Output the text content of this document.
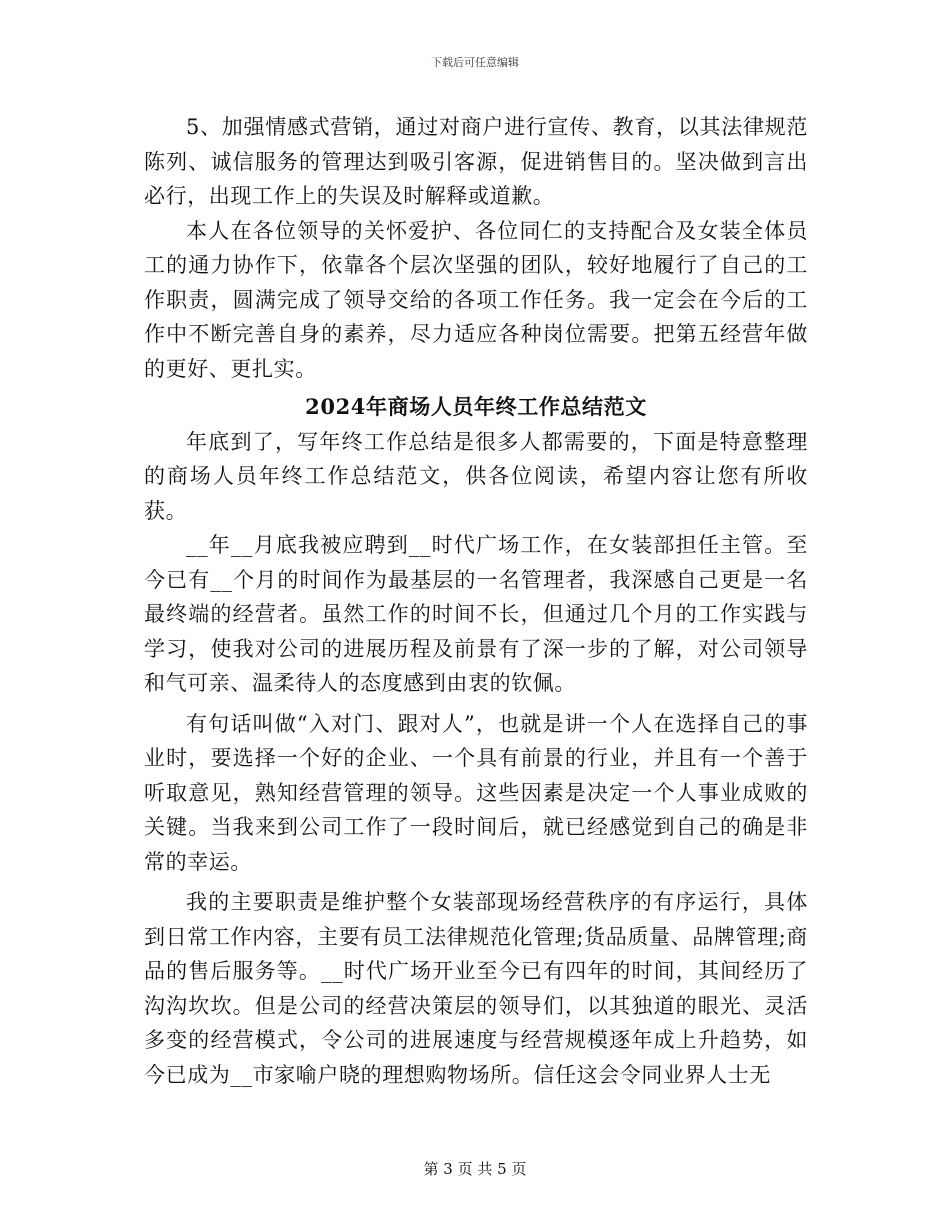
下载后可任意编辑

5、加强情感式营销，通过对商户进行宣传、教育，以其法律规范陈列、诚信服务的管理达到吸引客源，促进销售目的。坚决做到言出必行，出现工作上的失误及时解释或道歉。

本人在各位领导的关怀爱护、各位同仁的支持配合及女装全体员工的通力协作下，依靠各个层次坚强的团队，较好地履行了自己的工作职责，圆满完成了领导交给的各项工作任务。我一定会在今后的工作中不断完善自身的素养，尽力适应各种岗位需要。把第五经营年做的更好、更扎实。

2024年商场人员年终工作总结范文

年底到了，写年终工作总结是很多人都需要的，下面是特意整理的商场人员年终工作总结范文，供各位阅读，希望内容让您有所收获。

__年__月底我被应聘到__时代广场工作，在女装部担任主管。至今已有__个月的时间作为最基层的一名管理者，我深感自己更是一名最终端的经营者。虽然工作的时间不长，但通过几个月的工作实践与学习，使我对公司的进展历程及前景有了深一步的了解，对公司领导和气可亲、温柔待人的态度感到由衷的钦佩。

有句话叫做“入对门、跟对人”，也就是讲一个人在选择自己的事业时，要选择一个好的企业、一个具有前景的行业，并且有一个善于听取意见，熟知经营管理的领导。这些因素是决定一个人事业成败的关键。当我来到公司工作了一段时间后，就已经感觉到自己的确是非常的幸运。

我的主要职责是维护整个女装部现场经营秩序的有序运行，具体到日常工作内容，主要有员工法律规范化管理;货品质量、品牌管理;商品的售后服务等。__时代广场开业至今已有四年的时间，其间经历了沟沟坎坎。但是公司的经营决策层的领导们，以其独道的眼光、灵活多变的经营模式，令公司的进展速度与经营规模逐年成上升趋势，如今已成为__市家喻户晓的理想购物场所。信任这会令同业界人士无

第 3 页 共 5 页
